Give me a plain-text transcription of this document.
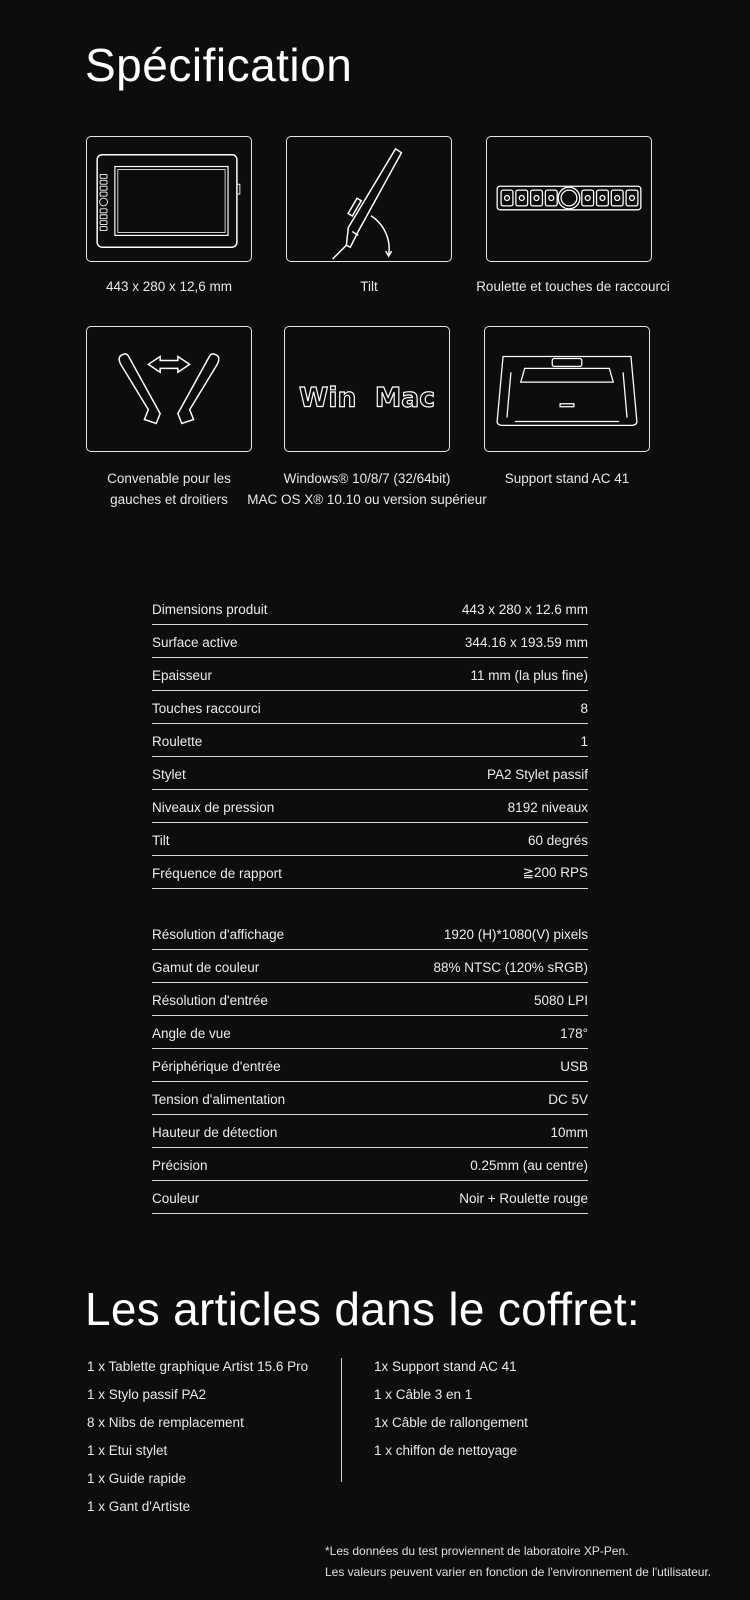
Spécification
443 x 280 x 12,6 mm	Tilt	Roulette et touches de raccourci
Win  Mac
Convenable pour les
gauches et droitiers
Windows® 10/8/7 (32/64bit)
MAC OS X® 10.10 ou version supérieur
Support stand AC 41
Dimensions produit	443 x 280 x 12.6 mm
Surface active	344.16 x 193.59 mm
Epaisseur	11 mm (la plus fine)
Touches raccourci	8
Roulette	1
Stylet	PA2 Stylet passif
Niveaux de pression	8192 niveaux
Tilt	60 degrés
Fréquence de rapport	≧200 RPS
Résolution d'affichage	1920 (H)*1080(V) pixels
Gamut de couleur	88% NTSC (120% sRGB)
Résolution d'entrée	5080 LPI
Angle de vue	178°
Périphérique d'entrée	USB
Tension d'alimentation	DC 5V
Hauteur de détection	10mm
Précision	0.25mm (au centre)
Couleur	Noir + Roulette rouge
Les articles dans le coffret:
1 x Tablette graphique Artist 15.6 Pro
1 x Stylo passif PA2
8 x Nibs de remplacement
1 x Etui stylet
1 x Guide rapide
1 x Gant d'Artiste
1x Support stand AC 41
1 x Câble 3 en 1
1x Câble de rallongement
1 x chiffon de nettoyage
*Les données du test proviennent de laboratoire XP-Pen.
Les valeurs peuvent varier en fonction de l'environnement de l'utilisateur.
